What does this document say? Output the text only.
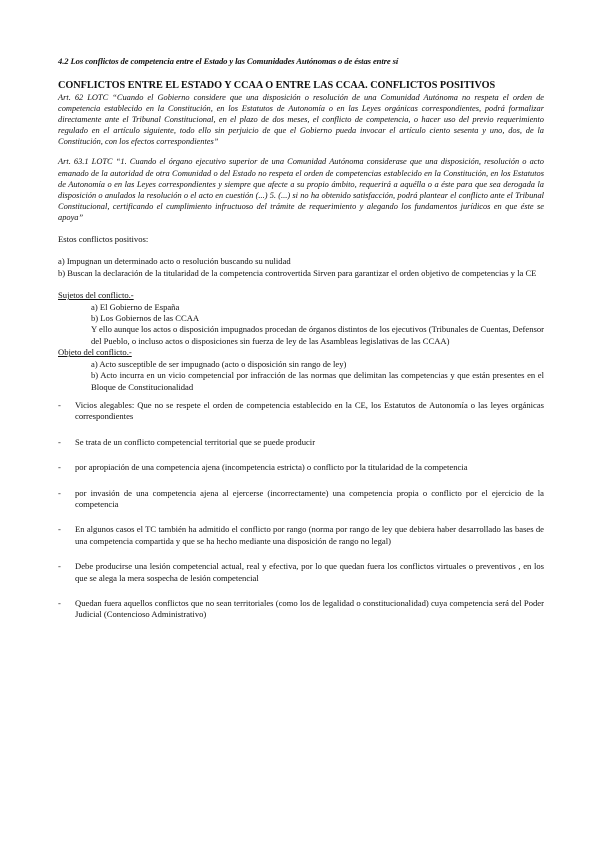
4.2 Los conflictos de competencia entre el Estado y las Comunidades Autónomas o de éstas entre sí

CONFLICTOS ENTRE EL ESTADO Y CCAA O ENTRE LAS CCAA. CONFLICTOS POSITIVOS

Art. 62 LOTC “Cuando el Gobierno considere que una disposición o resolución de una Comunidad Autónoma no respeta el orden de competencia establecido en la Constitución, en los Estatutos de Autonomía o en las Leyes orgánicas correspondientes, podrá formalizar directamente ante el Tribunal Constitucional, en el plazo de dos meses, el conflicto de competencia, o hacer uso del previo requerimiento regulado en el artículo siguiente, todo ello sin perjuicio de que el Gobierno pueda invocar el artículo ciento sesenta y uno, dos, de la Constitución, con los efectos correspondientes”

Art. 63.1 LOTC “1. Cuando el órgano ejecutivo superior de una Comunidad Autónoma considerase que una disposición, resolución o acto emanado de la autoridad de otra Comunidad o del Estado no respeta el orden de competencias establecido en la Constitución, en los Estatutos de Autonomía o en las Leyes correspondientes y siempre que afecte a su propio ámbito, requerirá a aquélla o a éste para que sea derogada la disposición o anulados la resolución o el acto en cuestión (...) 5. (...) si no ha obtenido satisfacción, podrá plantear el conflicto ante el Tribunal Constitucional, certificando el cumplimiento infructuoso del trámite de requerimiento y alegando los fundamentos jurídicos en que éste se apoya”

Estos conflictos positivos:

a) Impugnan un determinado acto o resolución buscando su nulidad

b) Buscan la declaración de la titularidad de la competencia controvertida Sirven para garantizar el orden objetivo de competencias y la CE

Sujetos del conflicto.-

a) El Gobierno de España

b) Los Gobiernos de las CCAA

Y ello aunque los actos o disposición impugnados procedan de órganos distintos de los ejecutivos (Tribunales de Cuentas, Defensor del Pueblo, o incluso actos o disposiciones sin fuerza de ley de las Asambleas legislativas de las CCAA)

Objeto del conflicto.-

a) Acto susceptible de ser impugnado (acto o disposición sin rango de ley)

b) Acto incurra en un vicio competencial por infracción de las normas que delimitan las competencias y que están presentes en el Bloque de Constitucionalidad

-	Vicios alegables: Que no se respete el orden de competencia establecido en la CE, los Estatutos de Autonomía o las leyes orgánicas correspondientes
-	Se trata de un conflicto competencial territorial que se puede producir
-	por apropiación de una competencia ajena (incompetencia estricta) o conflicto por la titularidad de la competencia
-	por invasión de una competencia ajena al ejercerse (incorrectamente) una competencia propia o conflicto por el ejercicio de la competencia
-	En algunos casos el TC también ha admitido el conflicto por rango (norma por rango de ley que debiera haber desarrollado las bases de una competencia compartida y que se ha hecho mediante una disposición de rango no legal)
-	Debe producirse una lesión competencial actual, real y efectiva, por lo que quedan fuera los conflictos virtuales o preventivos , en los que se alega la mera sospecha de lesión competencial
-	Quedan fuera aquellos conflictos que no sean territoriales (como los de legalidad o constitucionalidad) cuya competencia será del Poder Judicial (Contencioso Administrativo)
